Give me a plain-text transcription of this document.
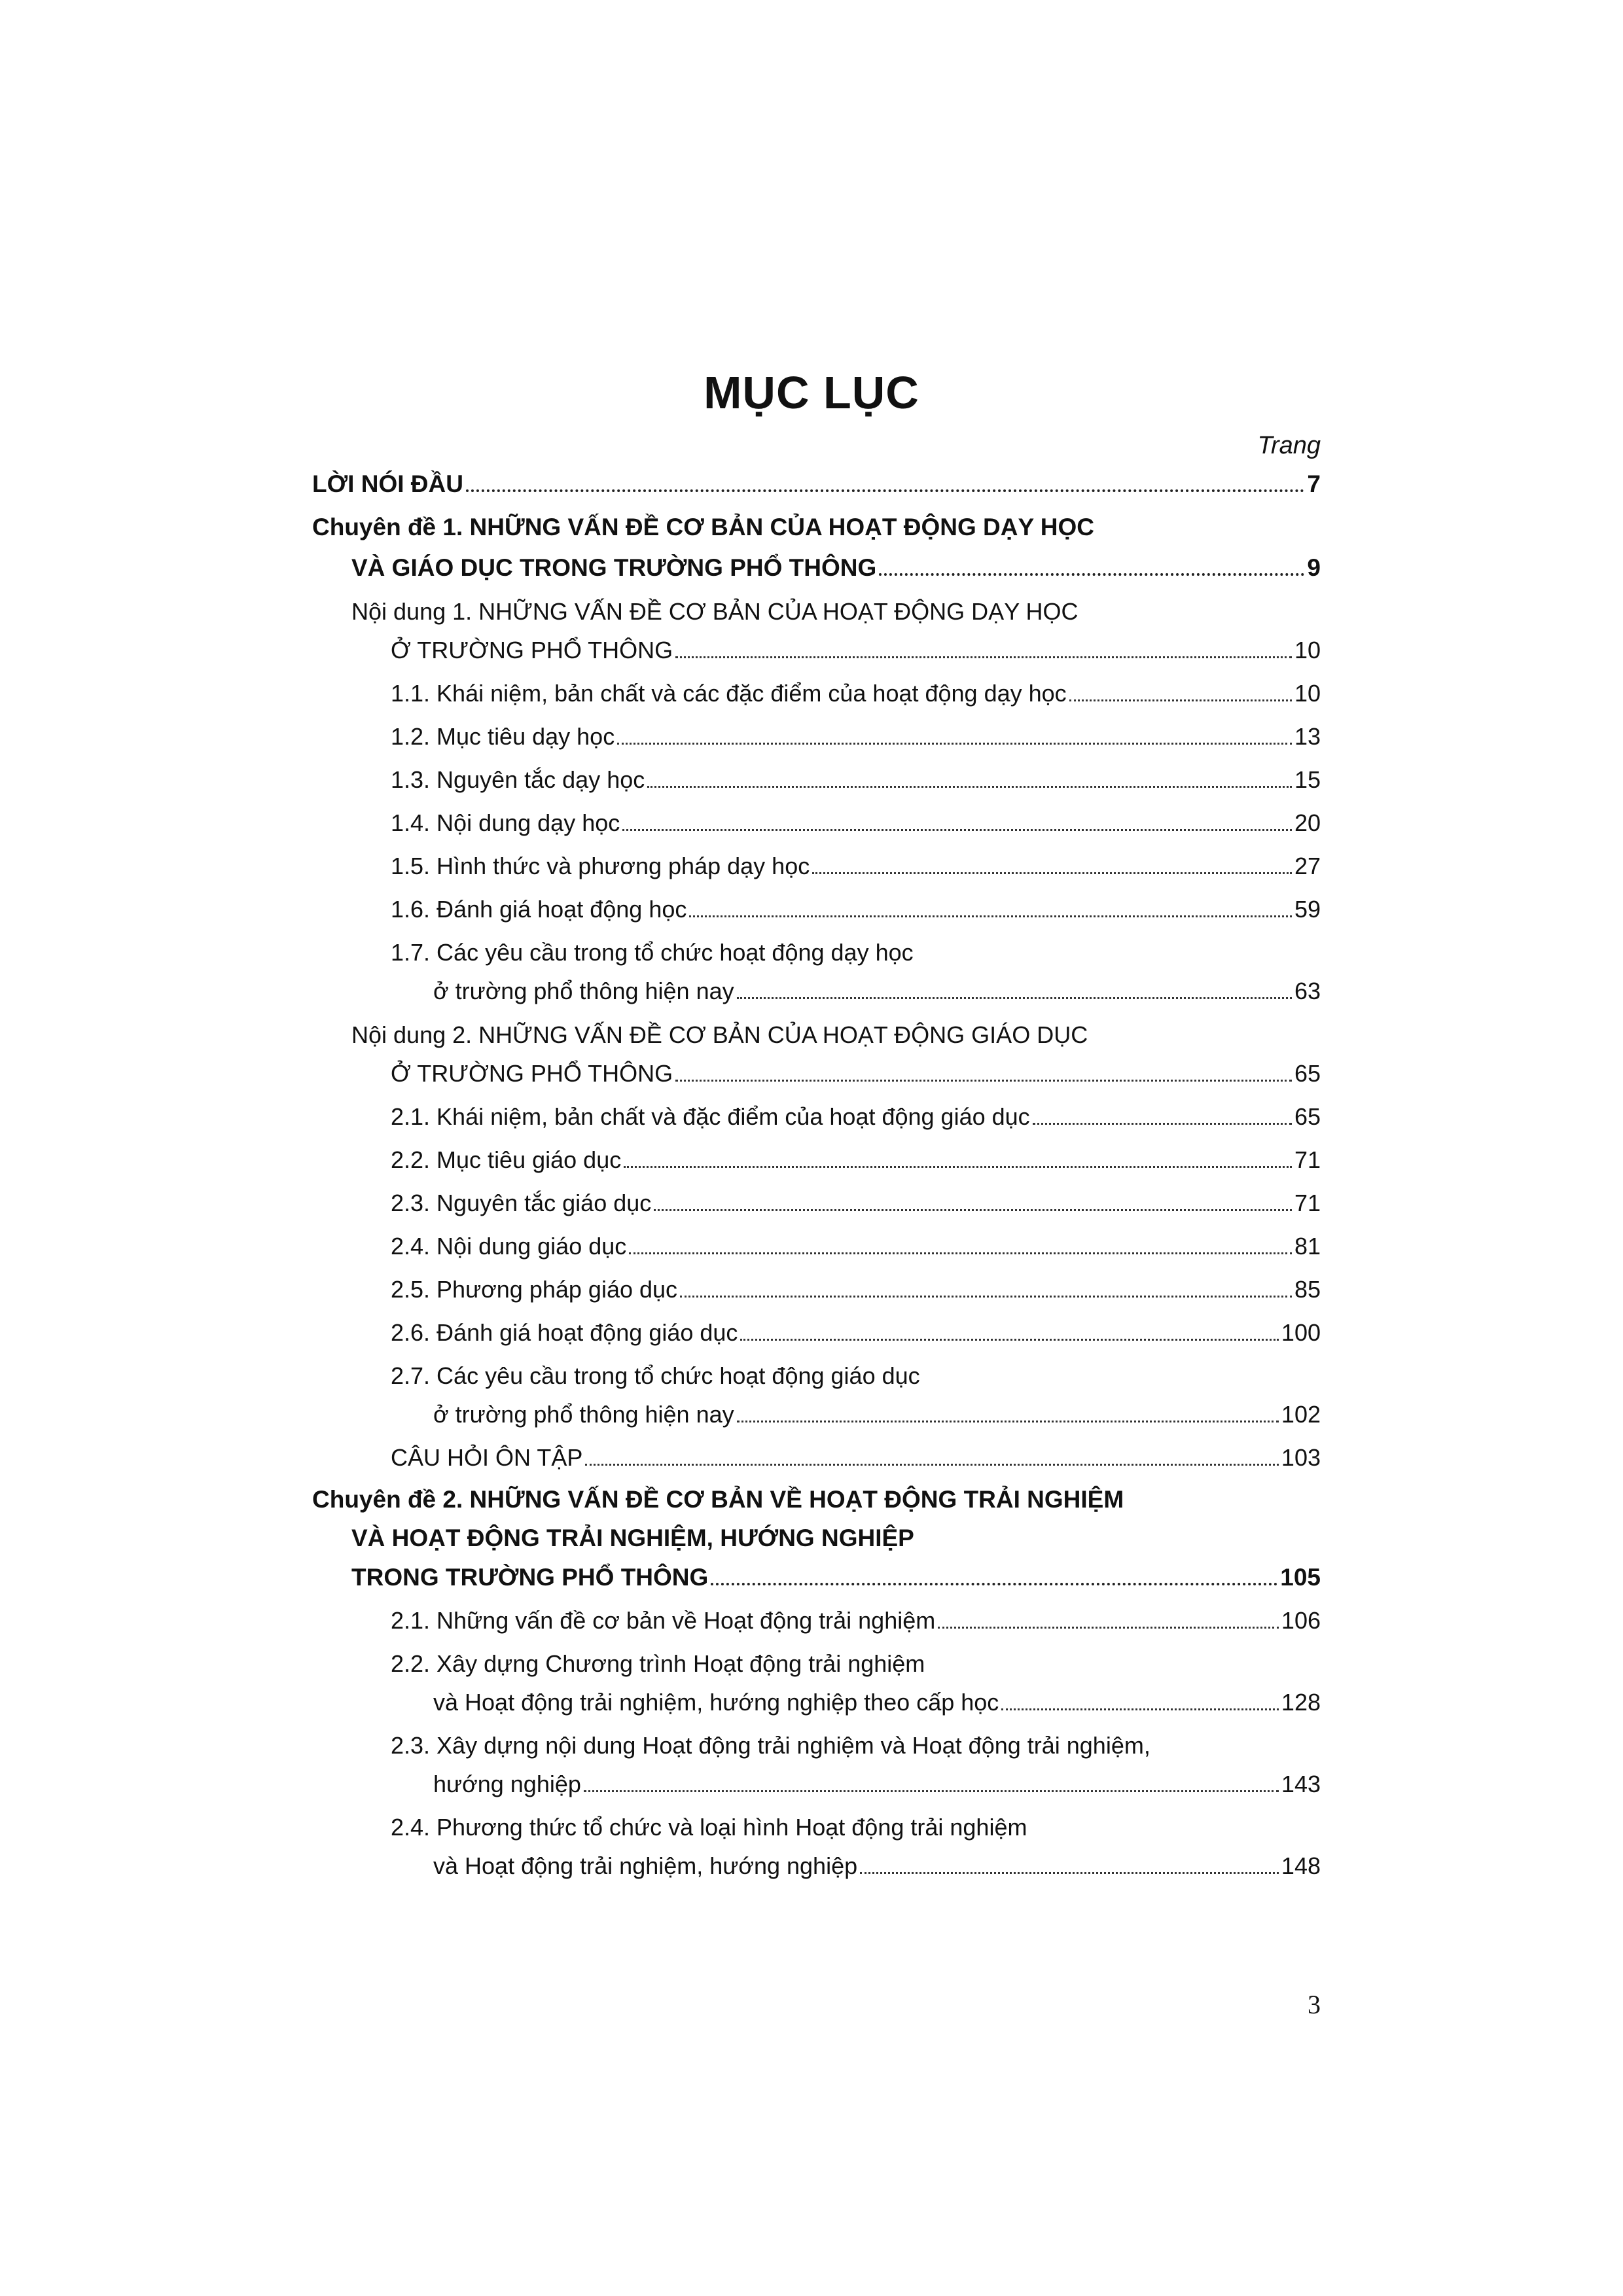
MỤC LỤC
Trang
LỜI NÓI ĐẦU	7
Chuyên đề 1. NHỮNG VẤN ĐỀ CƠ BẢN CỦA HOẠT ĐỘNG DẠY HỌC
VÀ GIÁO DỤC TRONG TRƯỜNG PHỔ THÔNG	9
Nội dung 1. NHỮNG VẤN ĐỀ CƠ BẢN CỦA HOẠT ĐỘNG DẠY HỌC
Ở TRƯỜNG PHỔ THÔNG	10
1.1. Khái niệm, bản chất và các đặc điểm của hoạt động dạy học	10
1.2. Mục tiêu dạy học	13
1.3. Nguyên tắc dạy học	15
1.4. Nội dung dạy học	20
1.5. Hình thức và phương pháp dạy học	27
1.6. Đánh giá hoạt động học	59
1.7. Các yêu cầu trong tổ chức hoạt động dạy học
ở trường phổ thông hiện nay	63
Nội dung 2. NHỮNG VẤN ĐỀ CƠ BẢN CỦA HOẠT ĐỘNG GIÁO DỤC
Ở TRƯỜNG PHỔ THÔNG	65
2.1. Khái niệm, bản chất và đặc điểm của hoạt động giáo dục	65
2.2. Mục tiêu giáo dục	71
2.3. Nguyên tắc giáo dục	71
2.4. Nội dung giáo dục	81
2.5. Phương pháp giáo dục	85
2.6. Đánh giá hoạt động giáo dục	100
2.7. Các yêu cầu trong tổ chức hoạt động giáo dục
ở trường phổ thông hiện nay	102
CÂU HỎI ÔN TẬP	103
Chuyên đề 2. NHỮNG VẤN ĐỀ CƠ BẢN VỀ HOẠT ĐỘNG TRẢI NGHIỆM
VÀ HOẠT ĐỘNG TRẢI NGHIỆM, HƯỚNG NGHIỆP
TRONG TRƯỜNG PHỔ THÔNG	105
2.1. Những vấn đề cơ bản về Hoạt động trải nghiệm	106
2.2. Xây dựng Chương trình Hoạt động trải nghiệm
và Hoạt động trải nghiệm, hướng nghiệp theo cấp học	128
2.3. Xây dựng nội dung Hoạt động trải nghiệm và Hoạt động trải nghiệm,
hướng nghiệp	143
2.4. Phương thức tổ chức và loại hình Hoạt động trải nghiệm
và Hoạt động trải nghiệm, hướng nghiệp	148
3
